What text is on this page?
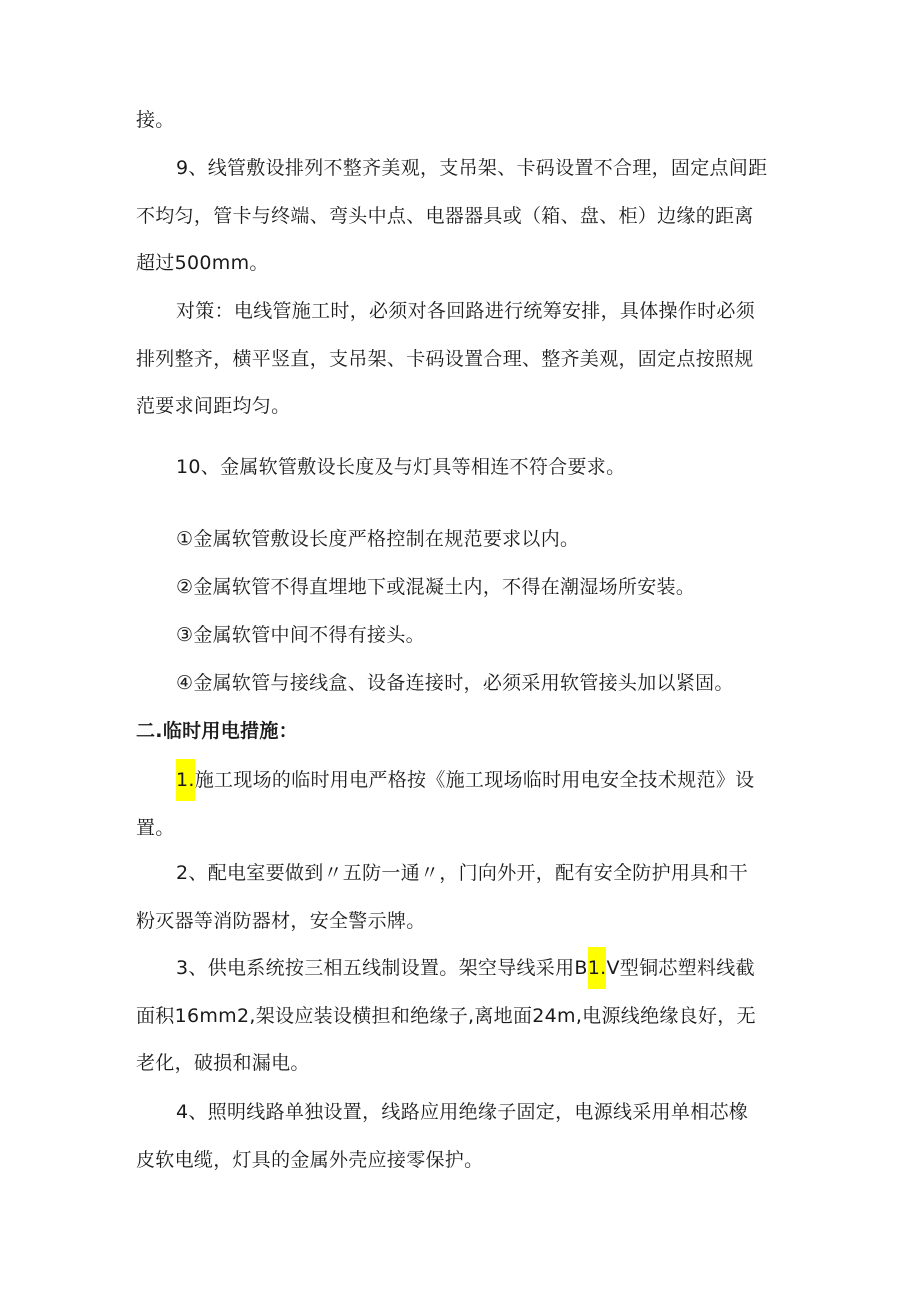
接。
9、线管敷设排列不整齐美观，支吊架、卡码设置不合理，固定点间距
不均匀，管卡与终端、弯头中点、电器器具或（箱、盘、柜）边缘的距离
超过500mm。
对策：电线管施工时，必须对各回路进行统筹安排，具体操作时必须
排列整齐，横平竖直，支吊架、卡码设置合理、整齐美观，固定点按照规
范要求间距均匀。
10、金属软管敷设长度及与灯具等相连不符合要求。
①金属软管敷设长度严格控制在规范要求以内。
②金属软管不得直埋地下或混凝土内，不得在潮湿场所安装。
③金属软管中间不得有接头。
④金属软管与接线盒、设备连接时，必须采用软管接头加以紧固。
二.临时用电措施：
1.施工现场的临时用电严格按《施工现场临时用电安全技术规范》设
置。
2、配电室要做到〃五防一通〃，门向外开，配有安全防护用具和干
粉灭器等消防器材，安全警示牌。
3、供电系统按三相五线制设置。架空导线采用B1.V型铜芯塑料线截
面积16mm2,架设应装设横担和绝缘子,离地面24m,电源线绝缘良好，无
老化，破损和漏电。
4、照明线路单独设置，线路应用绝缘子固定，电源线采用单相芯橡
皮软电缆，灯具的金属外壳应接零保护。
